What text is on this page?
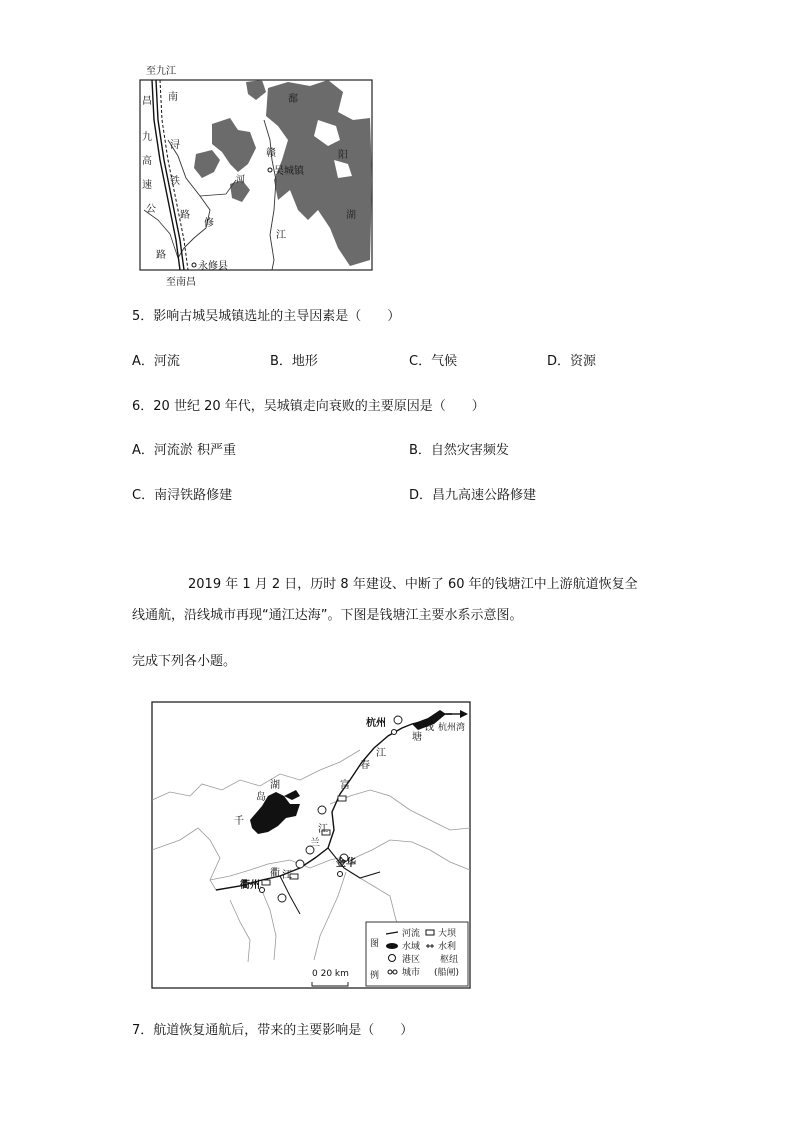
至九江
至南昌
昌
九
高
速
公
路
南
浔
铁
路
修
河
赣
江
吴城镇
永修县
鄱
阳
湖
5．影响古城吴城镇选址的主导因素是（　　）
A．河流	B．地形	C．气候	D．资源
6．20 世纪 20 年代，吴城镇走向衰败的主要原因是（　　）
A．河流淤 积严重	B．自然灾害频发
C．南浔铁路修建	D．昌九高速公路修建
2019 年 1 月 2 日，历时 8 年建设、中断了 60 年的钱塘江中上游航道恢复全
线通航，沿线城市再现“通江达海”。下图是钱塘江主要水系示意图。
完成下列各小题。
杭州	杭州湾
金华
衢州
钱
塘
江
春
富
江
兰
江
衢
千
岛
湖
图
例
河流
水域
港区
城市
大坝
水利
枢纽
(船闸)
0 20 km
7．航道恢复通航后，带来的主要影响是（　　）
